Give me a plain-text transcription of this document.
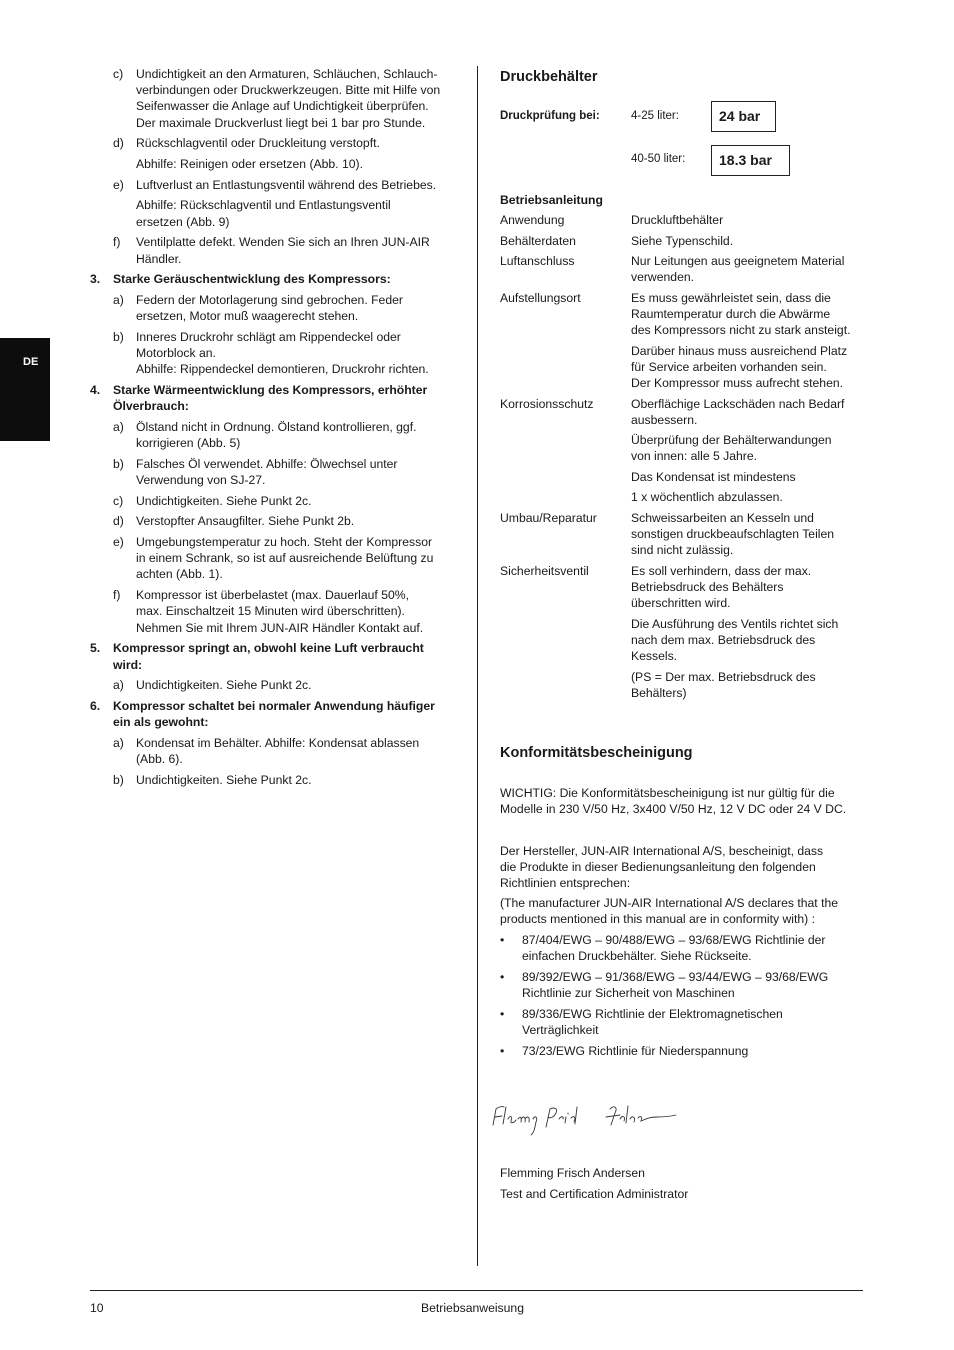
DE
c) Undichtigkeit an den Armaturen, Schläuchen, Schlauch-
verbindungen oder Druckwerkzeugen. Bitte mit Hilfe von
Seifenwasser die Anlage auf Undichtigkeit überprüfen.
Der maximale Druckverlust liegt bei 1 bar pro Stunde.
d) Rückschlagventil oder Druckleitung verstopft.
Abhilfe: Reinigen oder ersetzen (Abb. 10).
e) Luftverlust an Entlastungsventil während des Betriebes.
Abhilfe: Rückschlagventil und Entlastungsventil
ersetzen (Abb. 9)
f) Ventilplatte defekt. Wenden Sie sich an Ihren JUN-AIR
Händler.
3. Starke Geräuschentwicklung des Kompressors:
a) Federn der Motorlagerung sind gebrochen. Feder
ersetzen, Motor muß waagerecht stehen.
b) Inneres Druckrohr schlägt am Rippendeckel oder
Motorblock an.
Abhilfe: Rippendeckel demontieren, Druckrohr richten.
4. Starke Wärmeentwicklung des Kompressors, erhöhter
Ölverbrauch:
a) Ölstand nicht in Ordnung. Ölstand kontrollieren, ggf.
korrigieren (Abb. 5)
b) Falsches Öl verwendet. Abhilfe: Ölwechsel unter
Verwendung von SJ-27.
c) Undichtigkeiten. Siehe Punkt 2c.
d) Verstopfter Ansaugfilter. Siehe Punkt 2b.
e) Umgebungstemperatur zu hoch. Steht der Kompressor
in einem Schrank, so ist auf ausreichende Belüftung zu
achten (Abb. 1).
f) Kompressor ist überbelastet (max. Dauerlauf 50%,
max. Einschaltzeit 15 Minuten wird überschritten).
Nehmen Sie mit Ihrem JUN-AIR Händler Kontakt auf.
5. Kompressor springt an, obwohl keine Luft verbraucht
wird:
a) Undichtigkeiten. Siehe Punkt 2c.
6. Kompressor schaltet bei normaler Anwendung häufiger
ein als gewohnt:
a) Kondensat im Behälter. Abhilfe: Kondensat ablassen
(Abb. 6).
b) Undichtigkeiten. Siehe Punkt 2c.
Druckbehälter
Druckprüfung bei:	4-25 liter:	24 bar
40-50 liter:	18.3 bar
Betriebsanleitung
Anwendung	Druckluftbehälter
Behälterdaten	Siehe Typenschild.
Luftanschluss	Nur Leitungen aus geeignetem Material
verwenden.
Aufstellungsort	Es muss gewährleistet sein, dass die
Raumtemperatur durch die Abwärme
des Kompressors nicht zu stark ansteigt.
Darüber hinaus muss ausreichend Platz
für Service arbeiten vorhanden sein.
Der Kompressor muss aufrecht stehen.
Korrosionsschutz	Oberflächige Lackschäden nach Bedarf
ausbessern.
Überprüfung der Behälterwandungen
von innen: alle 5 Jahre.
Das Kondensat ist mindestens
1 x wöchentlich abzulassen.
Umbau/Reparatur	Schweissarbeiten an Kesseln und
sonstigen druckbeaufschlagten Teilen
sind nicht zulässig.
Sicherheitsventil	Es soll verhindern, dass der max.
Betriebsdruck des Behälters
überschritten wird.
Die Ausführung des Ventils richtet sich
nach dem max. Betriebsdruck des
Kessels.
(PS = Der max. Betriebsdruck des
Behälters)
Konformitätsbescheinigung
WICHTIG: Die Konformitätsbescheinigung ist nur gültig für die
Modelle in 230 V/50 Hz, 3x400 V/50 Hz, 12 V DC oder 24 V DC.
Der Hersteller, JUN-AIR International A/S, bescheinigt, dass
die Produkte in dieser Bedienungsanleitung den folgenden
Richtlinien entsprechen:
(The manufacturer JUN-AIR International A/S declares that the
products mentioned in this manual are in conformity with) :
• 87/404/EWG – 90/488/EWG – 93/68/EWG Richtlinie der
einfachen Druckbehälter. Siehe Rückseite.
• 89/392/EWG – 91/368/EWG – 93/44/EWG – 93/68/EWG
Richtlinie zur Sicherheit von Maschinen
• 89/336/EWG Richtlinie der Elektromagnetischen
Verträglichkeit
• 73/23/EWG Richtlinie für Niederspannung
Flemming Frisch Andersen
Test and Certification Administrator
10	Betriebsanweisung
